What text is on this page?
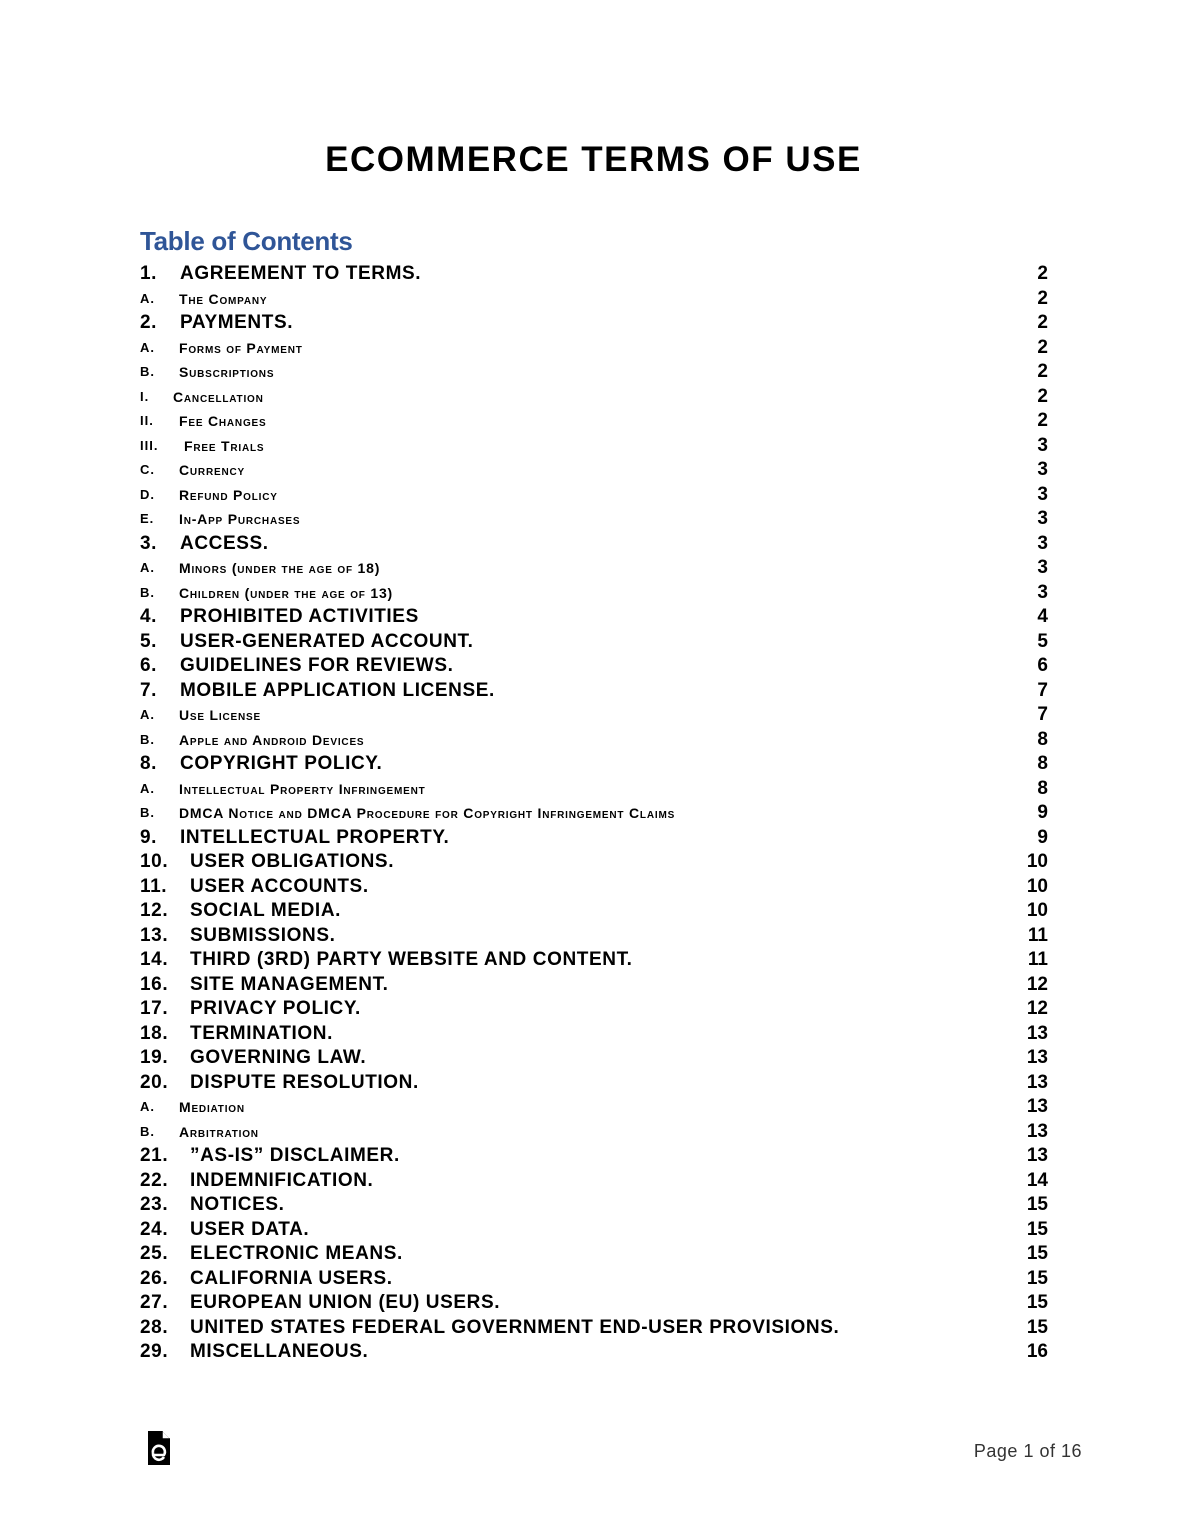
ECOMMERCE TERMS OF USE
Table of Contents
1. AGREEMENT TO TERMS.	2
A. The Company	2
2. PAYMENTS.	2
A. Forms of Payment	2
B. Subscriptions	2
I. Cancellation	2
II. Fee Changes	2
III. Free Trials	3
C. Currency	3
D. Refund Policy	3
E. In-App Purchases	3
3. ACCESS.	3
A. Minors (under the age of 18)	3
B. Children (under the age of 13)	3
4. PROHIBITED ACTIVITIES	4
5. USER-GENERATED ACCOUNT.	5
6. GUIDELINES FOR REVIEWS.	6
7. MOBILE APPLICATION LICENSE.	7
A. Use License	7
B. Apple and Android Devices	8
8. COPYRIGHT POLICY.	8
A. Intellectual Property Infringement	8
B. DMCA Notice and DMCA Procedure for Copyright Infringement Claims	9
9. INTELLECTUAL PROPERTY.	9
10. USER OBLIGATIONS.	10
11. USER ACCOUNTS.	10
12. SOCIAL MEDIA.	10
13. SUBMISSIONS.	11
14. THIRD (3RD) PARTY WEBSITE AND CONTENT.	11
16. SITE MANAGEMENT.	12
17. PRIVACY POLICY.	12
18. TERMINATION.	13
19. GOVERNING LAW.	13
20. DISPUTE RESOLUTION.	13
A. Mediation	13
B. Arbitration	13
21. ”AS-IS” DISCLAIMER.	13
22. INDEMNIFICATION.	14
23. NOTICES.	15
24. USER DATA.	15
25. ELECTRONIC MEANS.	15
26. CALIFORNIA USERS.	15
27. EUROPEAN UNION (EU) USERS.	15
28. UNITED STATES FEDERAL GOVERNMENT END-USER PROVISIONS.	15
29. MISCELLANEOUS.	16
Page 1 of 16
